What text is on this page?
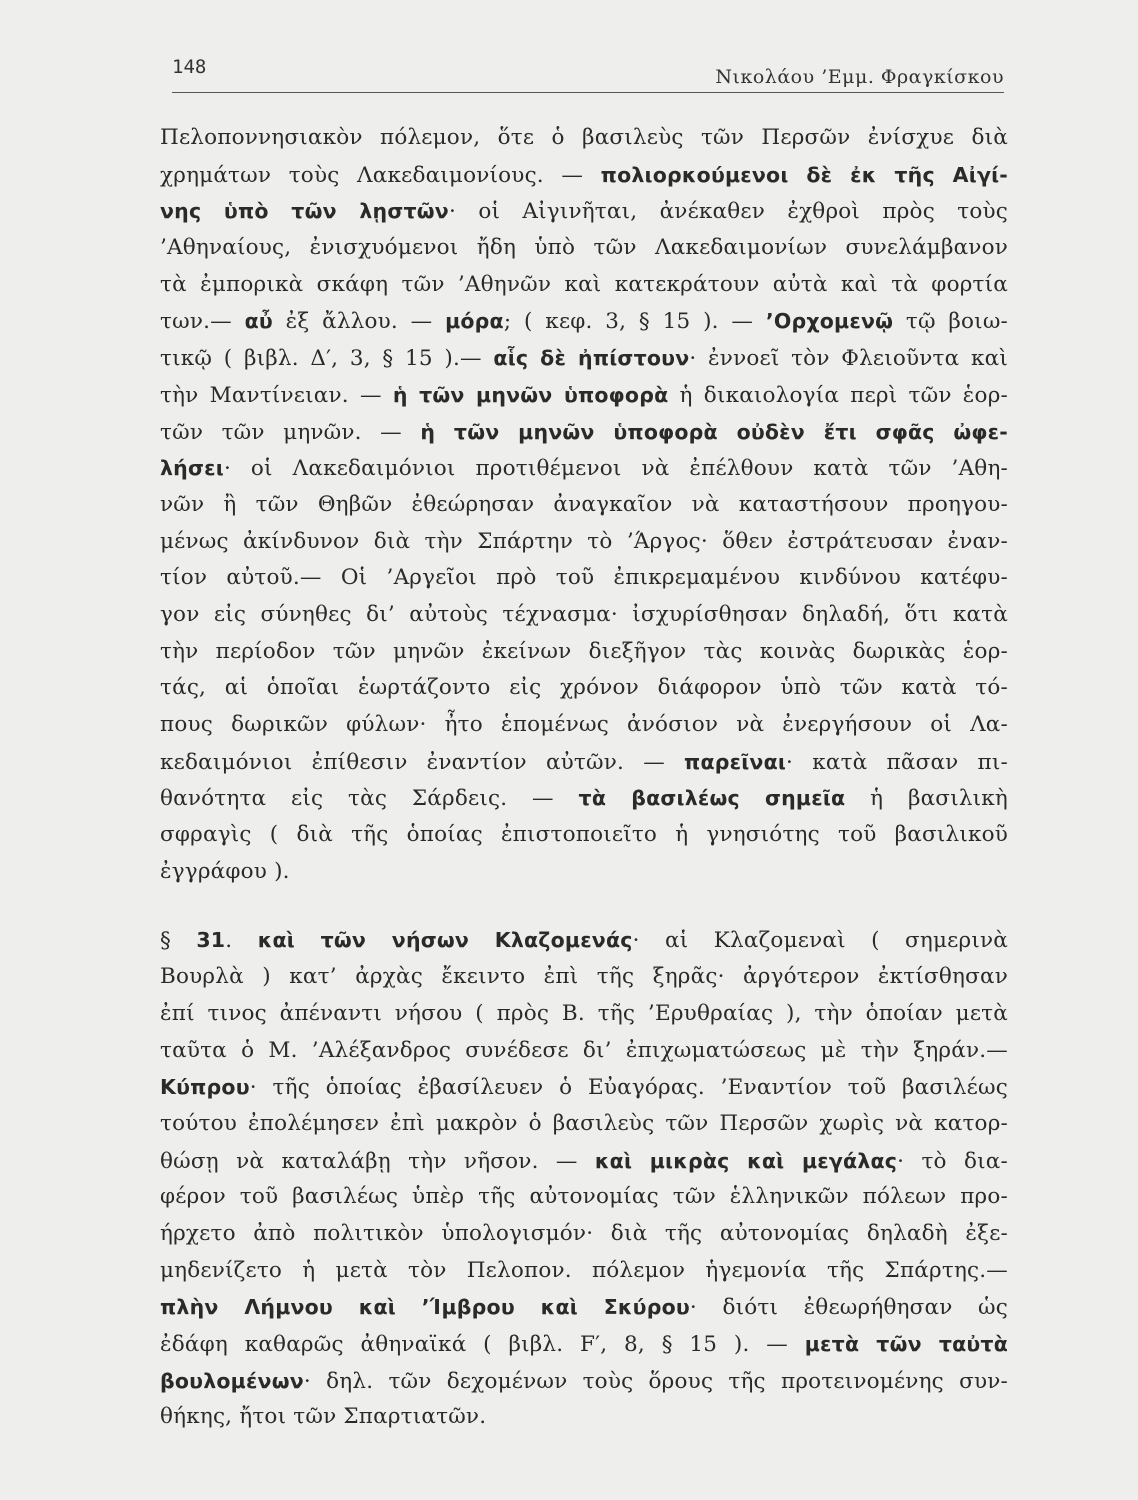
148	Νικολάου ’Εμμ. Φραγκίσκου
Πελοποννησιακὸν πόλεμον, ὅτε ὁ βασιλεὺς τῶν Περσῶν ἐνίσχυε διὰ
χρημάτων τοὺς Λακεδαιμονίους. — πολιορκούμενοι δὲ ἐκ τῆς Αἰγί-
νης ὑπὸ τῶν λῃστῶν· οἱ Αἰγινῆται, ἀνέκαθεν ἐχθροὶ πρὸς τοὺς
’Αθηναίους, ἐνισχυόμενοι ἤδη ὑπὸ τῶν Λακεδαιμονίων συνελάμβανον
τὰ ἐμπορικὰ σκάφη τῶν ’Αθηνῶν καὶ κατεκράτουν αὐτὰ καὶ τὰ φορτία
των.— αὖ ἐξ ἄλλου. — μόρα; ( κεφ. 3, § 15 ). — ’Ορχομενῷ τῷ βοιω-
τικῷ ( βιβλ. Δ′, 3, § 15 ).— αἷς δὲ ἠπίστουν· ἐννοεῖ τὸν Φλειοῦντα καὶ
τὴν Μαντίνειαν. — ἡ τῶν μηνῶν ὑποφορὰ ἡ δικαιολογία περὶ τῶν ἑορ-
τῶν τῶν μηνῶν. — ἡ τῶν μηνῶν ὑποφορὰ οὐδὲν ἔτι σφᾶς ὠφε-
λήσει· οἱ Λακεδαιμόνιοι προτιθέμενοι νὰ ἐπέλθουν κατὰ τῶν ’Αθη-
νῶν ἢ τῶν Θηβῶν ἐθεώρησαν ἀναγκαῖον νὰ καταστήσουν προηγου-
μένως ἀκίνδυνον διὰ τὴν Σπάρτην τὸ ’Άργος· ὅθεν ἐστράτευσαν ἐναν-
τίον αὐτοῦ.— Οἱ ’Αργεῖοι πρὸ τοῦ ἐπικρεμαμένου κινδύνου κατέφυ-
γον εἰς σύνηθες δι’ αὐτοὺς τέχνασμα· ἰσχυρίσθησαν δηλαδή, ὅτι κατὰ
τὴν περίοδον τῶν μηνῶν ἐκείνων διεξῆγον τὰς κοινὰς δωρικὰς ἑορ-
τάς, αἱ ὁποῖαι ἑωρτάζοντο εἰς χρόνον διάφορον ὑπὸ τῶν κατὰ τό-
πους δωρικῶν φύλων· ἦτο ἑπομένως ἀνόσιον νὰ ἐνεργήσουν οἱ Λα-
κεδαιμόνιοι ἐπίθεσιν ἐναντίον αὐτῶν. — παρεῖναι· κατὰ πᾶσαν πι-
θανότητα εἰς τὰς Σάρδεις. — τὰ βασιλέως σημεῖα ἡ βασιλικὴ
σφραγὶς ( διὰ τῆς ὁποίας ἐπιστοποιεῖτο ἡ γνησιότης τοῦ βασιλικοῦ
ἐγγράφου ).
§ 31. καὶ τῶν νήσων Κλαζομενάς· αἱ Κλαζομεναὶ ( σημερινὰ
Βουρλὰ ) κατ’ ἀρχὰς ἔκειντο ἐπὶ τῆς ξηρᾶς· ἀργότερον ἐκτίσθησαν
ἐπί τινος ἀπέναντι νήσου ( πρὸς Β. τῆς ’Ερυθραίας ), τὴν ὁποίαν μετὰ
ταῦτα ὁ Μ. ’Αλέξανδρος συνέδεσε δι’ ἐπιχωματώσεως μὲ τὴν ξηράν.—
Κύπρου· τῆς ὁποίας ἐβασίλευεν ὁ Εὐαγόρας. ’Εναντίον τοῦ βασιλέως
τούτου ἐπολέμησεν ἐπὶ μακρὸν ὁ βασιλεὺς τῶν Περσῶν χωρὶς νὰ κατορ-
θώσῃ νὰ καταλάβῃ τὴν νῆσον. — καὶ μικρὰς καὶ μεγάλας· τὸ δια-
φέρον τοῦ βασιλέως ὑπὲρ τῆς αὐτονομίας τῶν ἑλληνικῶν πόλεων προ-
ήρχετο ἀπὸ πολιτικὸν ὑπολογισμόν· διὰ τῆς αὐτονομίας δηλαδὴ ἐξε-
μηδενίζετο ἡ μετὰ τὸν Πελοπον. πόλεμον ἡγεμονία τῆς Σπάρτης.—
πλὴν Λήμνου καὶ ’Ίμβρου καὶ Σκύρου· διότι ἐθεωρήθησαν ὡς
ἐδάφη καθαρῶς ἀθηναϊκά ( βιβλ. F′, 8, § 15 ). — μετὰ τῶν ταὐτὰ
βουλομένων· δηλ. τῶν δεχομένων τοὺς ὅρους τῆς προτεινομένης συν-
θήκης, ἤτοι τῶν Σπαρτιατῶν.
